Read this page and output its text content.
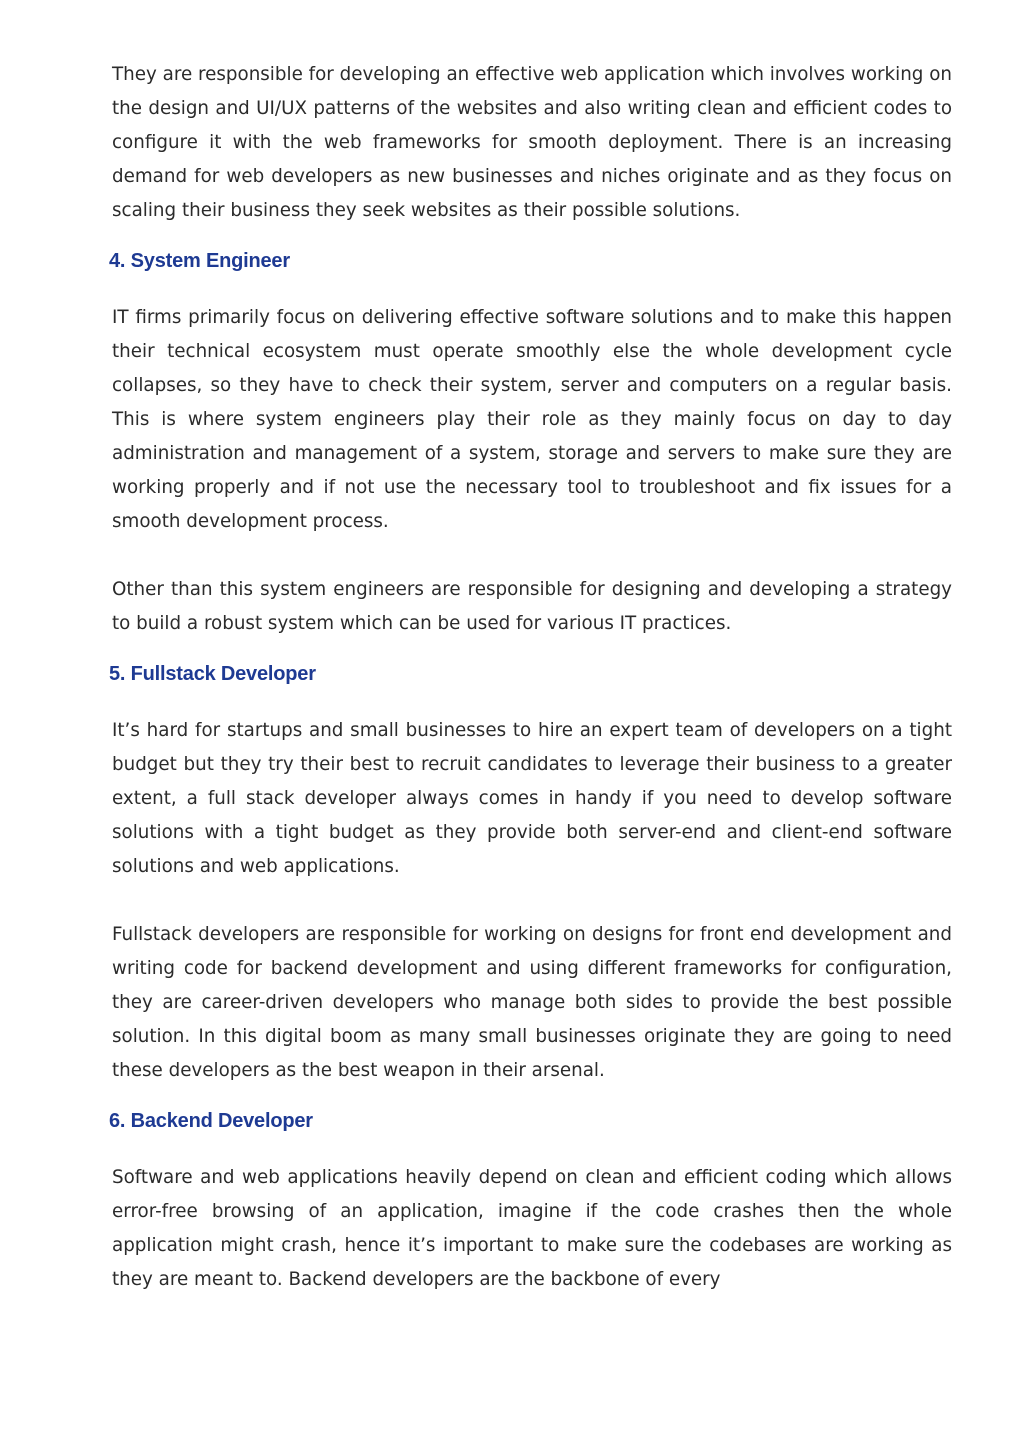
They are responsible for developing an effective web application which involves working on the design and UI/UX patterns of the websites and also writing clean and efficient codes to configure it with the web frameworks for smooth deployment. There is an increasing demand for web developers as new businesses and niches originate and as they focus on scaling their business they seek websites as their possible solutions.

4. System Engineer

IT firms primarily focus on delivering effective software solutions and to make this happen their technical ecosystem must operate smoothly else the whole development cycle collapses, so they have to check their system, server and computers on a regular basis. This is where system engineers play their role as they mainly focus on day to day administration and management of a system, storage and servers to make sure they are working properly and if not use the necessary tool to troubleshoot and fix issues for a smooth development process.

Other than this system engineers are responsible for designing and developing a strategy to build a robust system which can be used for various IT practices.

5. Fullstack Developer

It’s hard for startups and small businesses to hire an expert team of developers on a tight budget but they try their best to recruit candidates to leverage their business to a greater extent, a full stack developer always comes in handy if you need to develop software solutions with a tight budget as they provide both server-end and client-end software solutions and web applications.

Fullstack developers are responsible for working on designs for front end development and writing code for backend development and using different frameworks for configuration, they are career-driven developers who manage both sides to provide the best possible solution. In this digital boom as many small businesses originate they are going to need these developers as the best weapon in their arsenal.

6. Backend Developer

Software and web applications heavily depend on clean and efficient coding which allows error-free browsing of an application, imagine if the code crashes then the whole application might crash, hence it’s important to make sure the codebases are working as they are meant to. Backend developers are the backbone of every
